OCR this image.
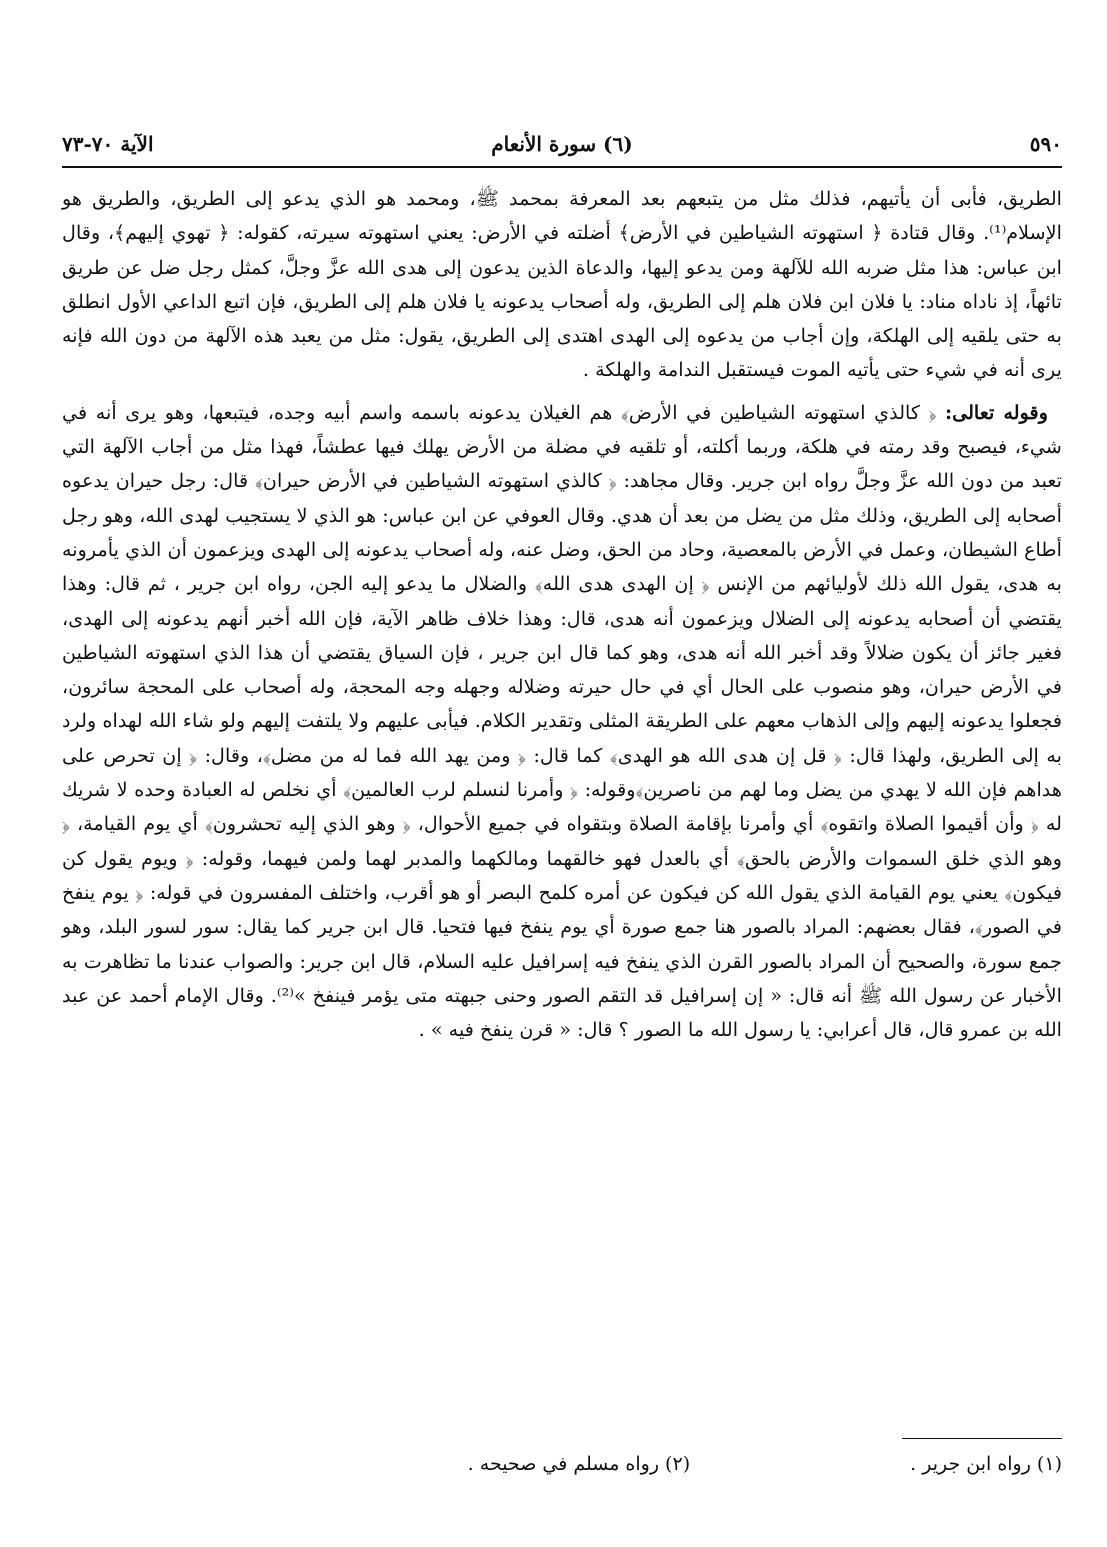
٥٩٠
(٦) سورة الأنعام
الآية ٧٠-٧٣

الطريق، فأبى أن يأتيهم، فذلك مثل من يتبعهم بعد المعرفة بمحمد ﷺ، ومحمد هو الذي يدعو إلى الطريق، والطريق هو الإسلام⁽¹⁾. وقال قتادة ﴿ استهوته الشياطين في الأرض﴾ أضلته في الأرض: يعني استهوته سيرته، كقوله: ﴿ تهوي إليهم﴾، وقال ابن عباس: هذا مثل ضربه الله للآلهة ومن يدعو إليها، والدعاة الذين يدعون إلى هدى الله عزَّ وجلَّ، كمثل رجل ضل عن طريق تائهاً، إذ ناداه مناد: يا فلان ابن فلان هلم إلى الطريق، وله أصحاب يدعونه يا فلان هلم إلى الطريق، فإن اتبع الداعي الأول انطلق به حتى يلقيه إلى الهلكة، وإن أجاب من يدعوه إلى الهدى اهتدى إلى الطريق، يقول: مثل من يعبد هذه الآلهة من دون الله فإنه يرى أنه في شيء حتى يأتيه الموت فيستقبل الندامة والهلكة .

وقوله تعالى: ﴿ كالذي استهوته الشياطين في الأرض﴾ هم الغيلان يدعونه باسمه واسم أبيه وجده، فيتبعها، وهو يرى أنه في شيء، فيصبح وقد رمته في هلكة، وربما أكلته، أو تلقيه في مضلة من الأرض يهلك فيها عطشاً، فهذا مثل من أجاب الآلهة التي تعبد من دون الله عزَّ وجلَّ رواه ابن جرير. وقال مجاهد: ﴿ كالذي استهوته الشياطين في الأرض حيران﴾ قال: رجل حيران يدعوه أصحابه إلى الطريق، وذلك مثل من يضل من بعد أن هدي. وقال العوفي عن ابن عباس: هو الذي لا يستجيب لهدى الله، وهو رجل أطاع الشيطان، وعمل في الأرض بالمعصية، وحاد من الحق، وضل عنه، وله أصحاب يدعونه إلى الهدى ويزعمون أن الذي يأمرونه به هدى، يقول الله ذلك لأوليائهم من الإنس ﴿ إن الهدى هدى الله﴾ والضلال ما يدعو إليه الجن، رواه ابن جرير ، ثم قال: وهذا يقتضي أن أصحابه يدعونه إلى الضلال ويزعمون أنه هدى، قال: وهذا خلاف ظاهر الآية، فإن الله أخبر أنهم يدعونه إلى الهدى، فغير جائز أن يكون ضلالاً وقد أخبر الله أنه هدى، وهو كما قال ابن جرير ، فإن السياق يقتضي أن هذا الذي استهوته الشياطين في الأرض حيران، وهو منصوب على الحال أي في حال حيرته وضلاله وجهله وجه المحجة، وله أصحاب على المحجة سائرون، فجعلوا يدعونه إليهم وإلى الذهاب معهم على الطريقة المثلى وتقدير الكلام. فيأبى عليهم ولا يلتفت إليهم ولو شاء الله لهداه ولرد به إلى الطريق، ولهذا قال: ﴿ قل إن هدى الله هو الهدى﴾ كما قال: ﴿ ومن يهد الله فما له من مضل﴾، وقال: ﴿ إن تحرص على هداهم فإن الله لا يهدي من يضل وما لهم من ناصرين﴾وقوله: ﴿ وأمرنا لنسلم لرب العالمين﴾ أي نخلص له العبادة وحده لا شريك له ﴿ وأن أقيموا الصلاة واتقوه﴾ أي وأمرنا بإقامة الصلاة وبتقواه في جميع الأحوال، ﴿ وهو الذي إليه تحشرون﴾ أي يوم القيامة، ﴿ وهو الذي خلق السموات والأرض بالحق﴾ أي بالعدل فهو خالقهما ومالكهما والمدبر لهما ولمن فيهما، وقوله: ﴿ ويوم يقول كن فيكون﴾ يعني يوم القيامة الذي يقول الله كن فيكون عن أمره كلمح البصر أو هو أقرب، واختلف المفسرون في قوله: ﴿ يوم ينفخ في الصور﴾، فقال بعضهم: المراد بالصور هنا جمع صورة أي يوم ينفخ فيها فتحيا. قال ابن جرير كما يقال: سور لسور البلد، وهو جمع سورة، والصحيح أن المراد بالصور القرن الذي ينفخ فيه إسرافيل عليه السلام، قال ابن جرير: والصواب عندنا ما تظاهرت به الأخبار عن رسول الله ﷺ أنه قال: « إن إسرافيل قد التقم الصور وحنى جبهته متى يؤمر فينفخ »⁽²⁾. وقال الإمام أحمد عن عبد الله بن عمرو قال، قال أعرابي: يا رسول الله ما الصور ؟ قال: « قرن ينفخ فيه » .

(١) رواه ابن جرير .
(٢) رواه مسلم في صحيحه .
